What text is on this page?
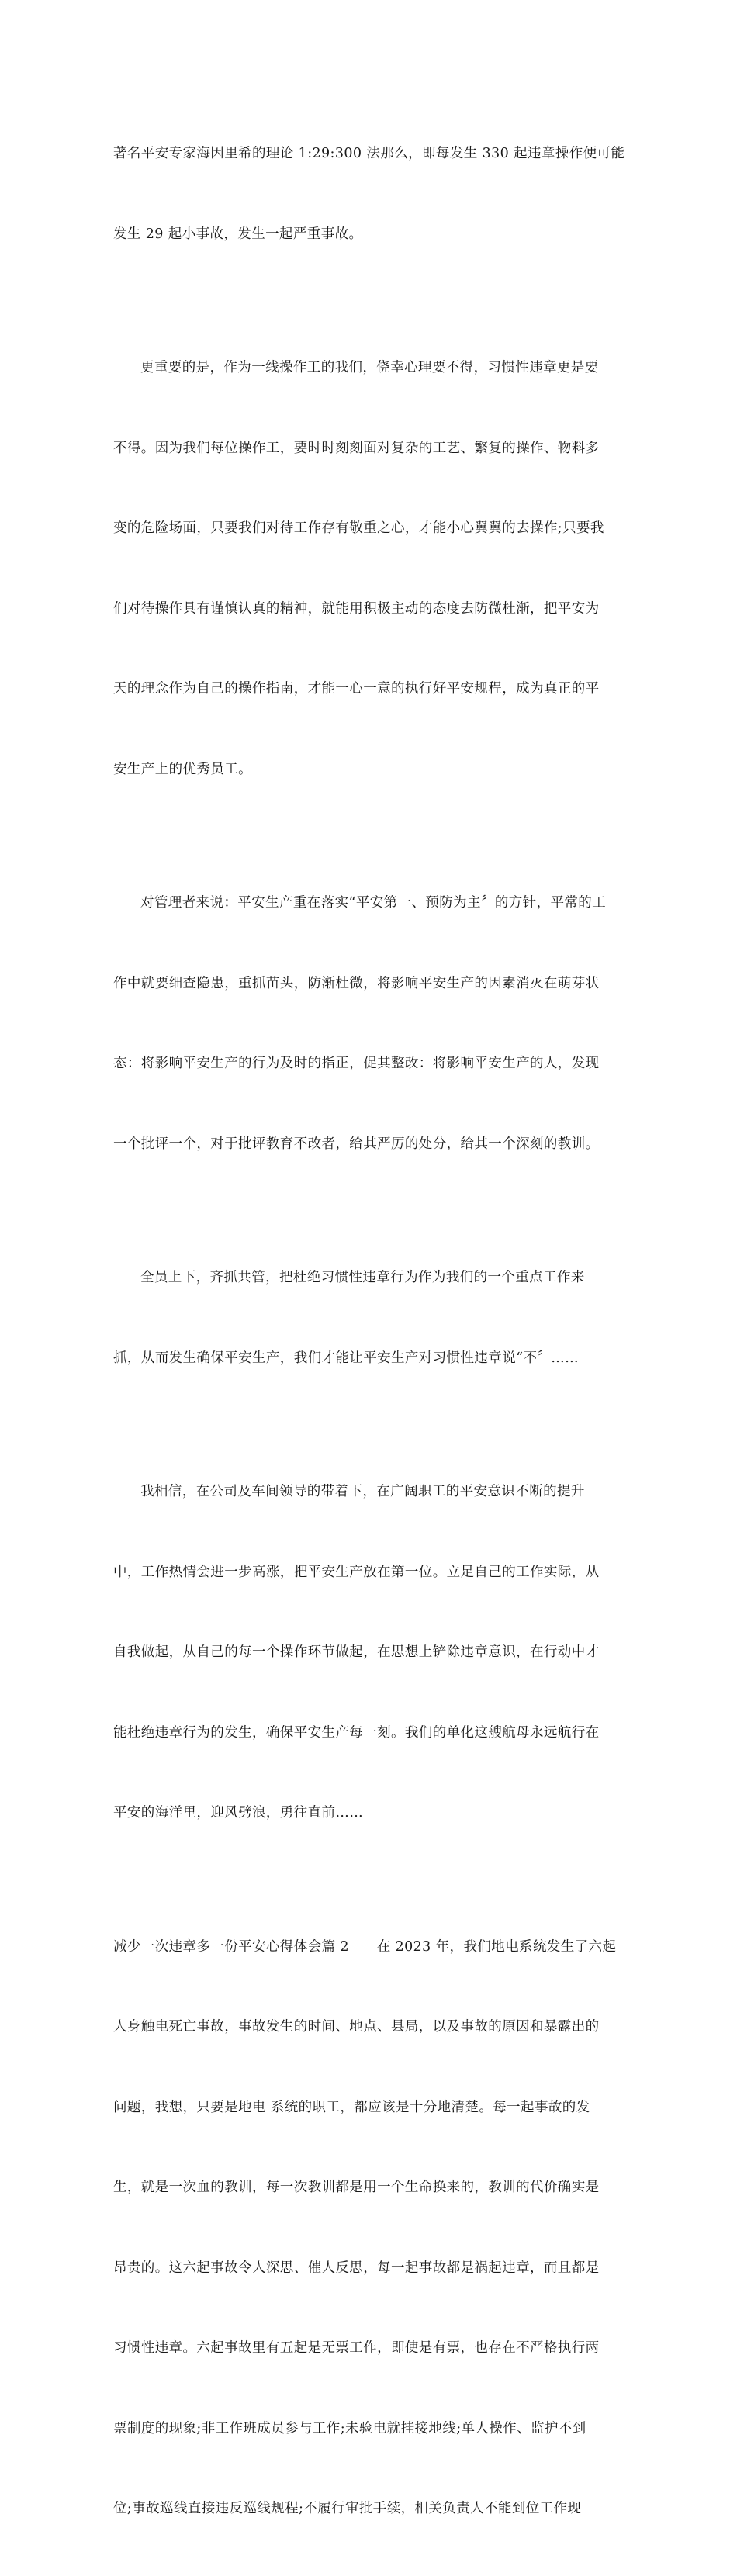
著名平安专家海因里希的理论 1:29:300 法那么，即每发生 330 起违章操作便可能

发生 29 起小事故，发生一起严重事故。

更重要的是，作为一线操作工的我们，侥幸心理要不得，习惯性违章更是要

不得。因为我们每位操作工，要时时刻刻面对复杂的工艺、繁复的操作、物料多

变的危险场面，只要我们对待工作存有敬重之心，才能小心翼翼的去操作;只要我

们对待操作具有谨慎认真的精神，就能用积极主动的态度去防微杜渐，把平安为

天的理念作为自己的操作指南，才能一心一意的执行好平安规程，成为真正的平

安生产上的优秀员工。

对管理者来说：平安生产重在落实“平安第一、预防为主〞的方针，平常的工

作中就要细查隐患，重抓苗头，防渐杜微，将影响平安生产的因素消灭在萌芽状

态：将影响平安生产的行为及时的指正，促其整改：将影响平安生产的人，发现

一个批评一个，对于批评教育不改者，给其严厉的处分，给其一个深刻的教训。

全员上下，齐抓共管，把杜绝习惯性违章行为作为我们的一个重点工作来

抓，从而发生确保平安生产，我们才能让平安生产对习惯性违章说“不〞……

我相信，在公司及车间领导的带着下，在广阔职工的平安意识不断的提升

中，工作热情会进一步高涨，把平安生产放在第一位。立足自己的工作实际，从

自我做起，从自己的每一个操作环节做起，在思想上铲除违章意识，在行动中才

能杜绝违章行为的发生，确保平安生产每一刻。我们的单化这艘航母永远航行在

平安的海洋里，迎风劈浪，勇往直前……

减少一次违章多一份平安心得体会篇 2　　在 2023 年，我们地电系统发生了六起

人身触电死亡事故，事故发生的时间、地点、县局，以及事故的原因和暴露出的

问题，我想，只要是地电 系统的职工，都应该是十分地清楚。每一起事故的发

生，就是一次血的教训，每一次教训都是用一个生命换来的，教训的代价确实是

昂贵的。这六起事故令人深思、催人反思，每一起事故都是祸起违章，而且都是

习惯性违章。六起事故里有五起是无票工作，即使是有票，也存在不严格执行两

票制度的现象;非工作班成员参与工作;未验电就挂接地线;单人操作、监护不到

位;事故巡线直接违反巡线规程;不履行审批手续，相关负责人不能到位工作现
